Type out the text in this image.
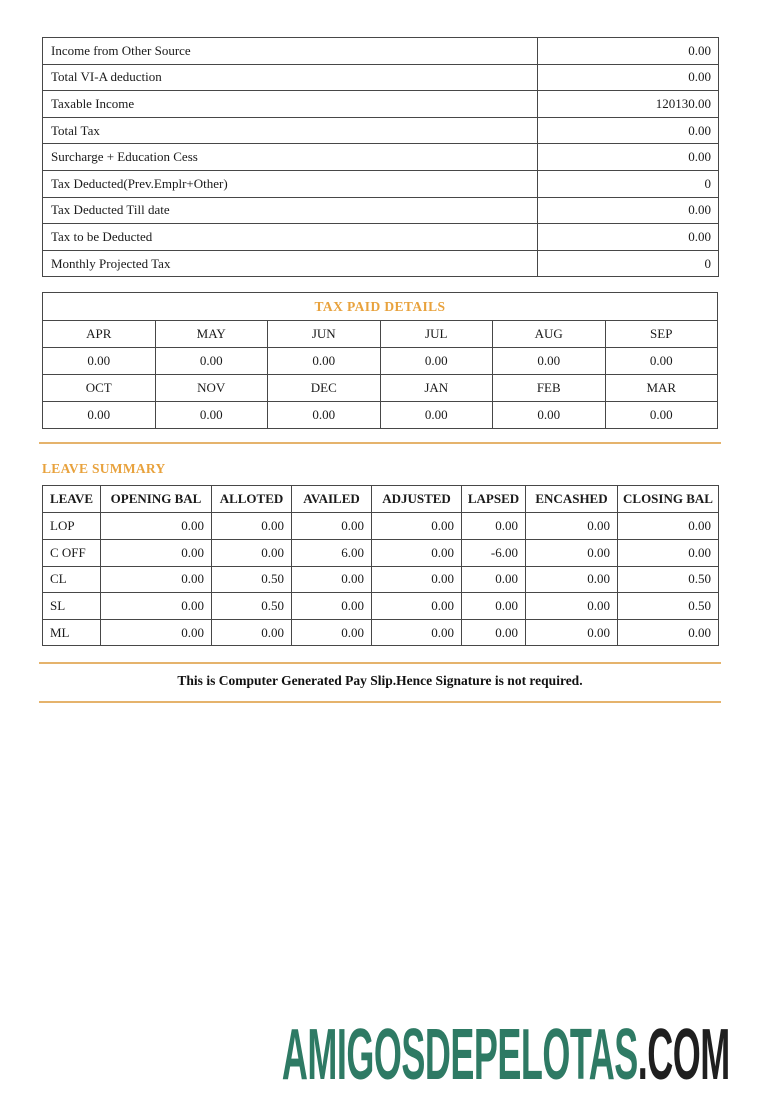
Income from Other Source	0.00
Total VI-A deduction	0.00
Taxable Income	120130.00
Total Tax	0.00
Surcharge + Education Cess	0.00
Tax Deducted(Prev.Emplr+Other)	0
Tax Deducted Till date	0.00
Tax to be Deducted	0.00
Monthly Projected Tax	0
TAX PAID DETAILS					
APR	MAY	JUN	JUL	AUG	SEP
0.00	0.00	0.00	0.00	0.00	0.00
OCT	NOV	DEC	JAN	FEB	MAR
0.00	0.00	0.00	0.00	0.00	0.00
LEAVE SUMMARY
LEAVE	OPENING BAL	ALLOTED	AVAILED	ADJUSTED	LAPSED	ENCASHED	CLOSING BAL
LOP	0.00	0.00	0.00	0.00	0.00	0.00	0.00
C OFF	0.00	0.00	6.00	0.00	-6.00	0.00	0.00
CL	0.00	0.50	0.00	0.00	0.00	0.00	0.50
SL	0.00	0.50	0.00	0.00	0.00	0.00	0.50
ML	0.00	0.00	0.00	0.00	0.00	0.00	0.00
This is Computer Generated Pay Slip.Hence Signature is not required.
AMIGOSDEPELOTAS.COM
